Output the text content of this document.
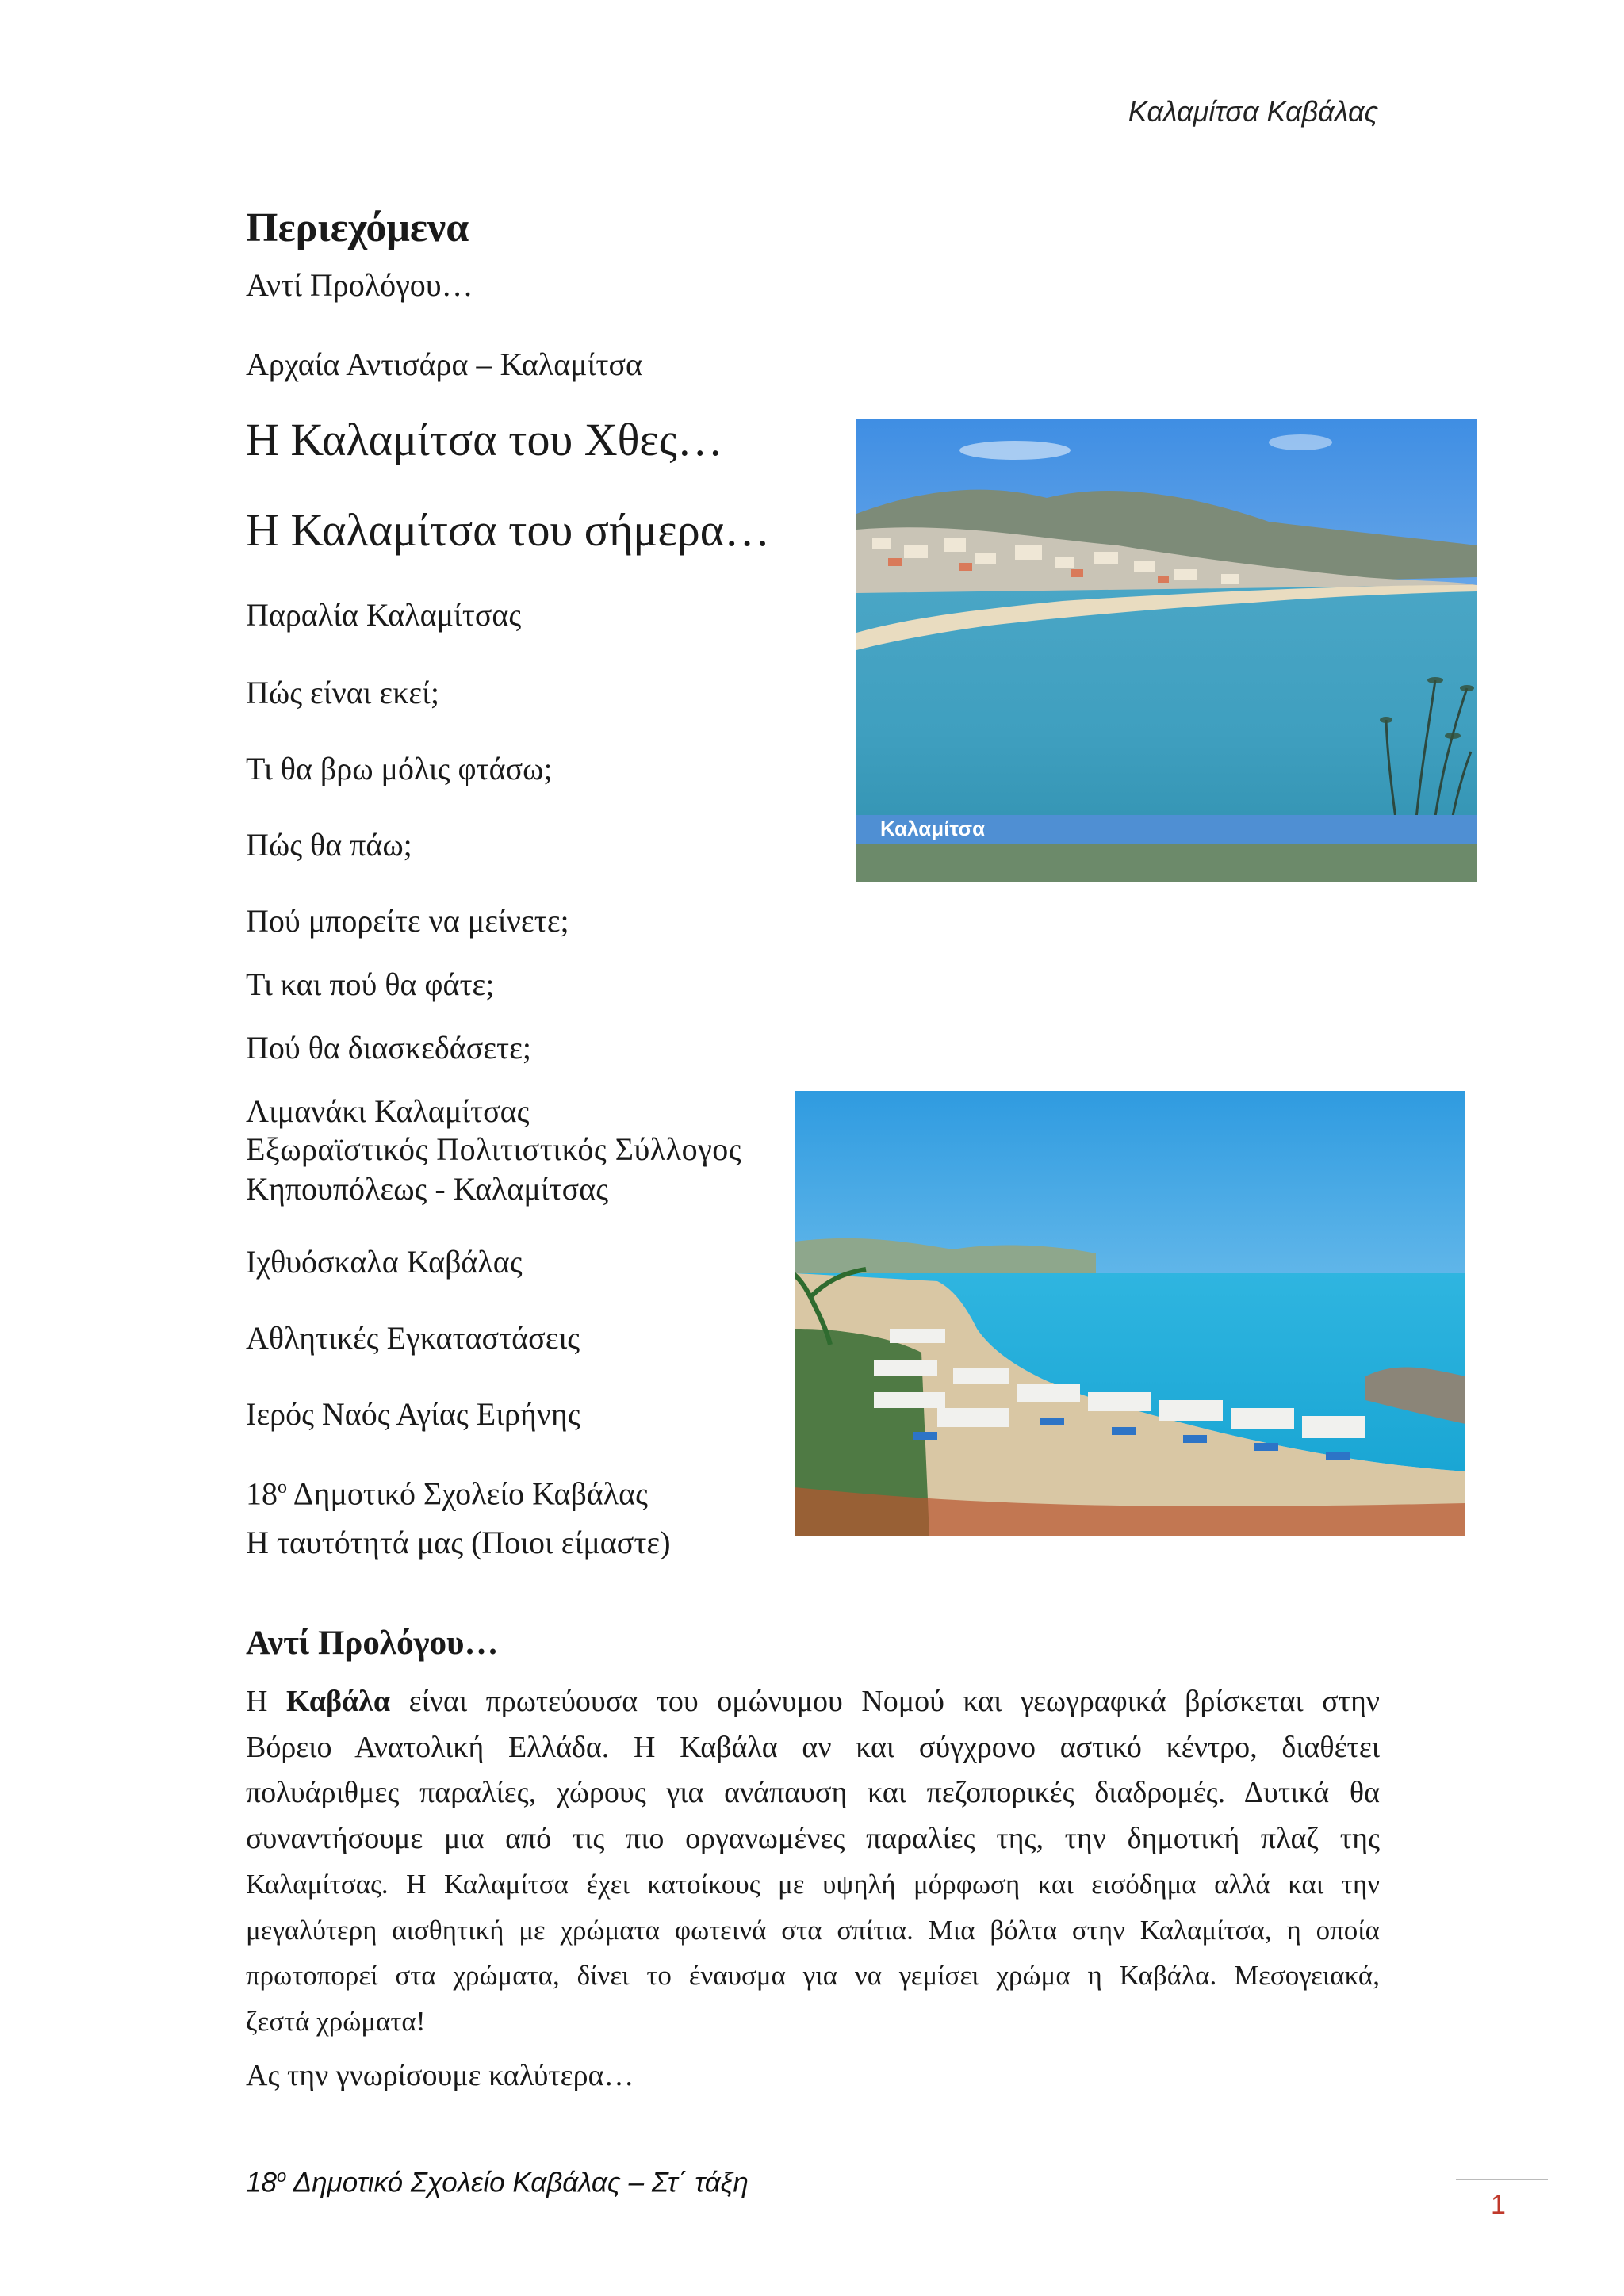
Καλαμίτσα Καβάλας
Περιεχόμενα
Αντί Προλόγου…
Αρχαία Αντισάρα – Καλαμίτσα
Η Καλαμίτσα του Χθες…
Η Καλαμίτσα του σήμερα…
Παραλία Καλαμίτσας
Πώς είναι εκεί;
Τι θα βρω μόλις φτάσω;
Πώς θα πάω;
Πού μπορείτε να μείνετε;
Τι και πού θα φάτε;
Πού θα διασκεδάσετε;
Λιμανάκι Καλαμίτσας
Εξωραϊστικός Πολιτιστικός Σύλλογος
Κηπουπόλεως - Καλαμίτσας
Ιχθυόσκαλα Καβάλας
Αθλητικές Εγκαταστάσεις
Ιερός Ναός Αγίας Ειρήνης
$18^o$ Δημοτικό Σχολείο Καβάλας
Η ταυτότητά μας (Ποιοι είμαστε)
Καλαμίτσα
Αντί Προλόγου…
Η Καβάλα είναι πρωτεύουσα του ομώνυμου Νομού και γεωγραφικά βρίσκεται στην
Βόρειο Ανατολική Ελλάδα. Η Καβάλα αν και σύγχρονο αστικό κέντρο, διαθέτει
πολυάριθμες παραλίες, χώρους για ανάπαυση και πεζοπορικές διαδρομές. Δυτικά θα
συναντήσουμε μια από τις πιο οργανωμένες παραλίες της, την δημοτική πλαζ της
Καλαμίτσας. Η Καλαμίτσα έχει κατοίκους με υψηλή μόρφωση και εισόδημα αλλά και την
μεγαλύτερη αισθητική με χρώματα φωτεινά στα σπίτια. Μια βόλτα στην Καλαμίτσα, η οποία
πρωτοπορεί στα χρώματα, δίνει το έναυσμα για να γεμίσει χρώμα η Καβάλα. Μεσογειακά,
ζεστά χρώματα!
Ας την γνωρίσουμε καλύτερα…
$18^o$ Δημοτικό Σχολείο Καβάλας – Στ΄ τάξη
1
